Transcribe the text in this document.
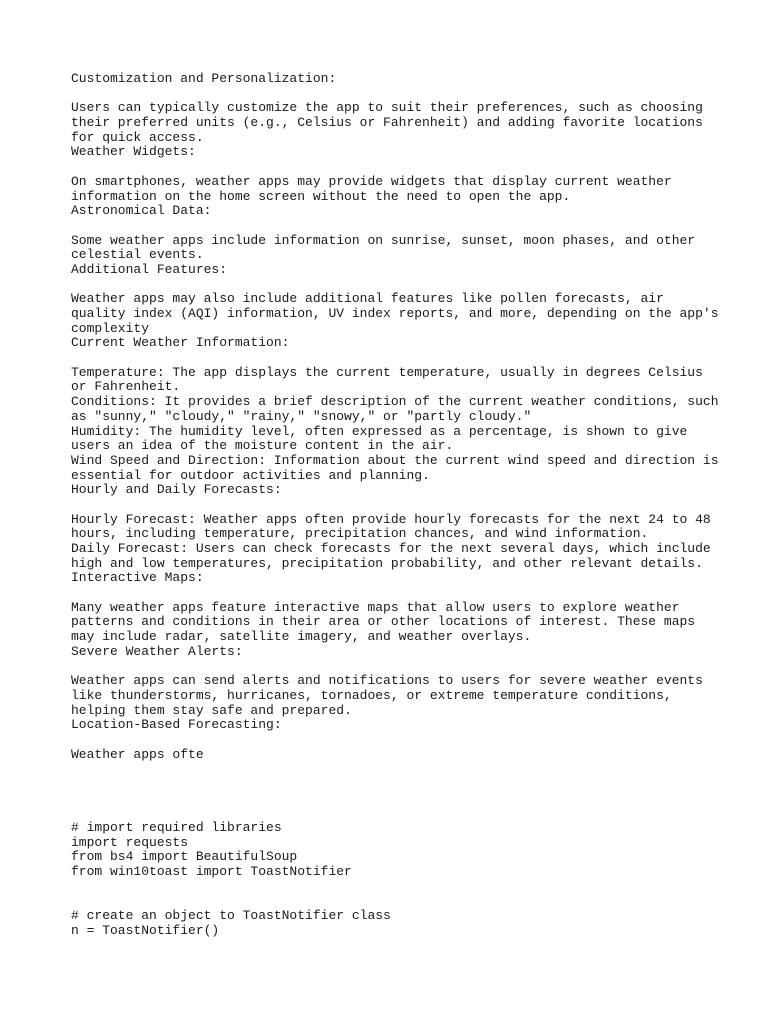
Customization and Personalization:
Users can typically customize the app to suit their preferences, such as choosing
their preferred units (e.g., Celsius or Fahrenheit) and adding favorite locations
for quick access.
Weather Widgets:
On smartphones, weather apps may provide widgets that display current weather
information on the home screen without the need to open the app.
Astronomical Data:
Some weather apps include information on sunrise, sunset, moon phases, and other
celestial events.
Additional Features:
Weather apps may also include additional features like pollen forecasts, air
quality index (AQI) information, UV index reports, and more, depending on the app's
complexity
Current Weather Information:
Temperature: The app displays the current temperature, usually in degrees Celsius
or Fahrenheit.
Conditions: It provides a brief description of the current weather conditions, such
as "sunny," "cloudy," "rainy," "snowy," or "partly cloudy."
Humidity: The humidity level, often expressed as a percentage, is shown to give
users an idea of the moisture content in the air.
Wind Speed and Direction: Information about the current wind speed and direction is
essential for outdoor activities and planning.
Hourly and Daily Forecasts:
Hourly Forecast: Weather apps often provide hourly forecasts for the next 24 to 48
hours, including temperature, precipitation chances, and wind information.
Daily Forecast: Users can check forecasts for the next several days, which include
high and low temperatures, precipitation probability, and other relevant details.
Interactive Maps:
Many weather apps feature interactive maps that allow users to explore weather
patterns and conditions in their area or other locations of interest. These maps
may include radar, satellite imagery, and weather overlays.
Severe Weather Alerts:
Weather apps can send alerts and notifications to users for severe weather events
like thunderstorms, hurricanes, tornadoes, or extreme temperature conditions,
helping them stay safe and prepared.
Location-Based Forecasting:
Weather apps ofte
# import required libraries
import requests
from bs4 import BeautifulSoup
from win10toast import ToastNotifier
# create an object to ToastNotifier class
n = ToastNotifier()
